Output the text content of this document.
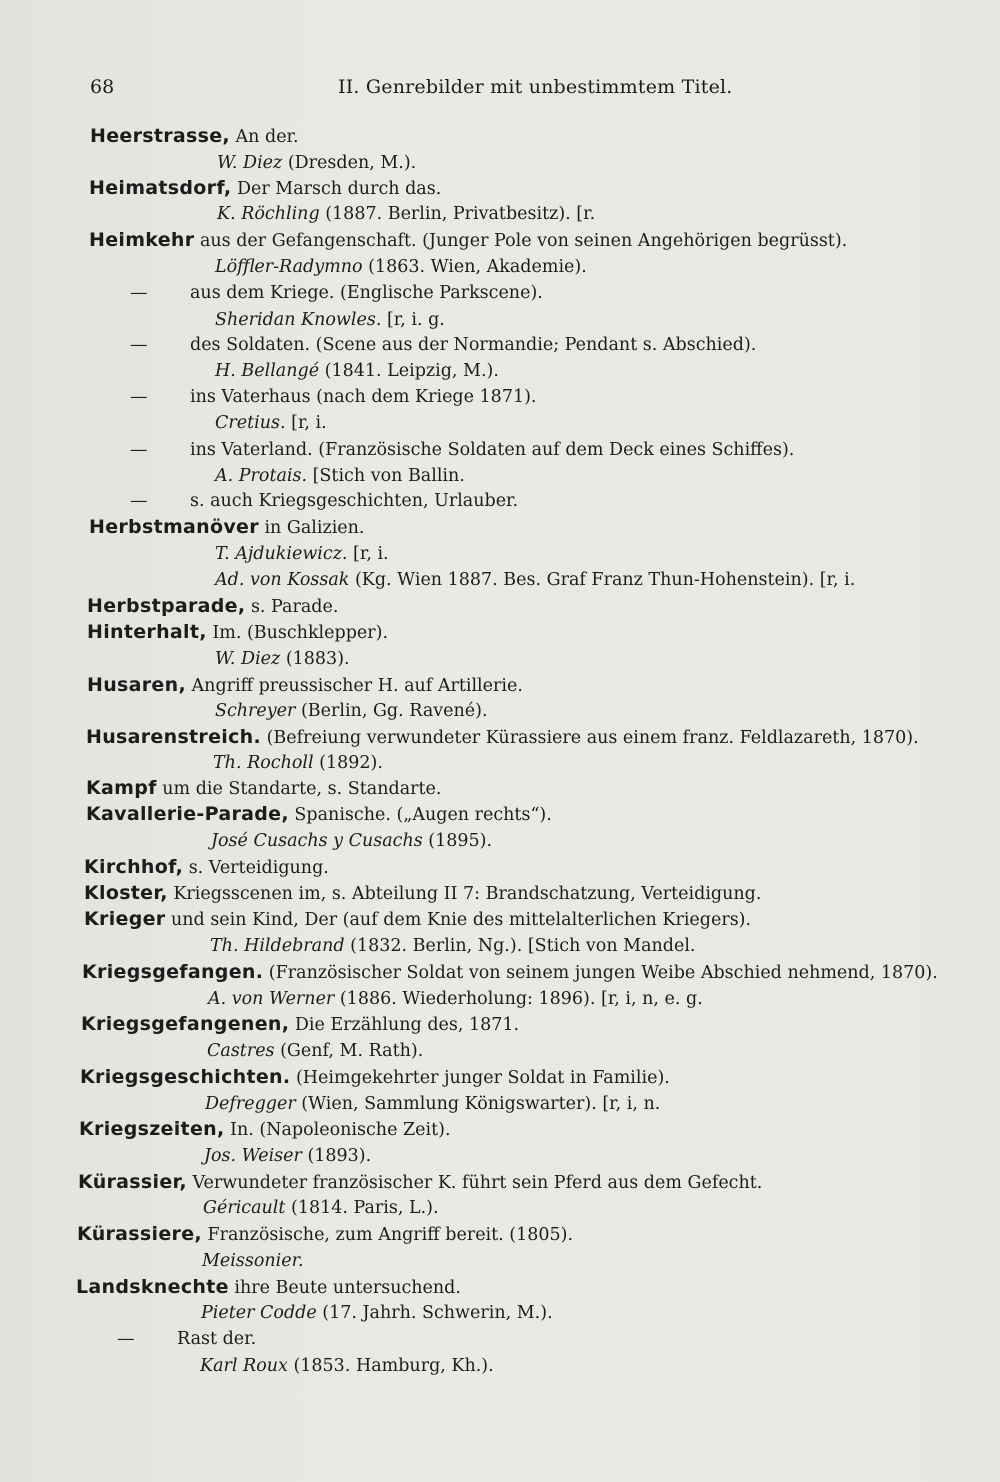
68	II. Genrebilder mit unbestimmtem Titel.
Heerstrasse, An der.
W. Diez (Dresden, M.).
Heimatsdorf, Der Marsch durch das.
K. Röchling (1887. Berlin, Privatbesitz). [r.
Heimkehr aus der Gefangenschaft. (Junger Pole von seinen Angehörigen begrüsst).
Löffler-Radymno (1863. Wien, Akademie).
— aus dem Kriege. (Englische Parkscene).
Sheridan Knowles. [r, i. g.
— des Soldaten. (Scene aus der Normandie; Pendant s. Abschied).
H. Bellangé (1841. Leipzig, M.).
— ins Vaterhaus (nach dem Kriege 1871).
Cretius. [r, i.
— ins Vaterland. (Französische Soldaten auf dem Deck eines Schiffes).
A. Protais. [Stich von Ballin.
— s. auch Kriegsgeschichten, Urlauber.
Herbstmanöver in Galizien.
T. Ajdukiewicz. [r, i.
Ad. von Kossak (Kg. Wien 1887. Bes. Graf Franz Thun-Hohenstein). [r, i.
Herbstparade, s. Parade.
Hinterhalt, Im. (Buschklepper).
W. Diez (1883).
Husaren, Angriff preussischer H. auf Artillerie.
Schreyer (Berlin, Gg. Ravené).
Husarenstreich. (Befreiung verwundeter Kürassiere aus einem franz. Feldlazareth, 1870).
Th. Rocholl (1892).
Kampf um die Standarte, s. Standarte.
Kavallerie-Parade, Spanische. („Augen rechts“).
José Cusachs y Cusachs (1895).
Kirchhof, s. Verteidigung.
Kloster, Kriegsscenen im, s. Abteilung II 7: Brandschatzung, Verteidigung.
Krieger und sein Kind, Der (auf dem Knie des mittelalterlichen Kriegers).
Th. Hildebrand (1832. Berlin, Ng.). [Stich von Mandel.
Kriegsgefangen. (Französischer Soldat von seinem jungen Weibe Abschied nehmend, 1870).
A. von Werner (1886. Wiederholung: 1896). [r, i, n, e. g.
Kriegsgefangenen, Die Erzählung des, 1871.
Castres (Genf, M. Rath).
Kriegsgeschichten. (Heimgekehrter junger Soldat in Familie).
Defregger (Wien, Sammlung Königswarter). [r, i, n.
Kriegszeiten, In. (Napoleonische Zeit).
Jos. Weiser (1893).
Kürassier, Verwundeter französischer K. führt sein Pferd aus dem Gefecht.
Géricault (1814. Paris, L.).
Kürassiere, Französische, zum Angriff bereit. (1805).
Meissonier.
Landsknechte ihre Beute untersuchend.
Pieter Codde (17. Jahrh. Schwerin, M.).
— Rast der.
Karl Roux (1853. Hamburg, Kh.).
